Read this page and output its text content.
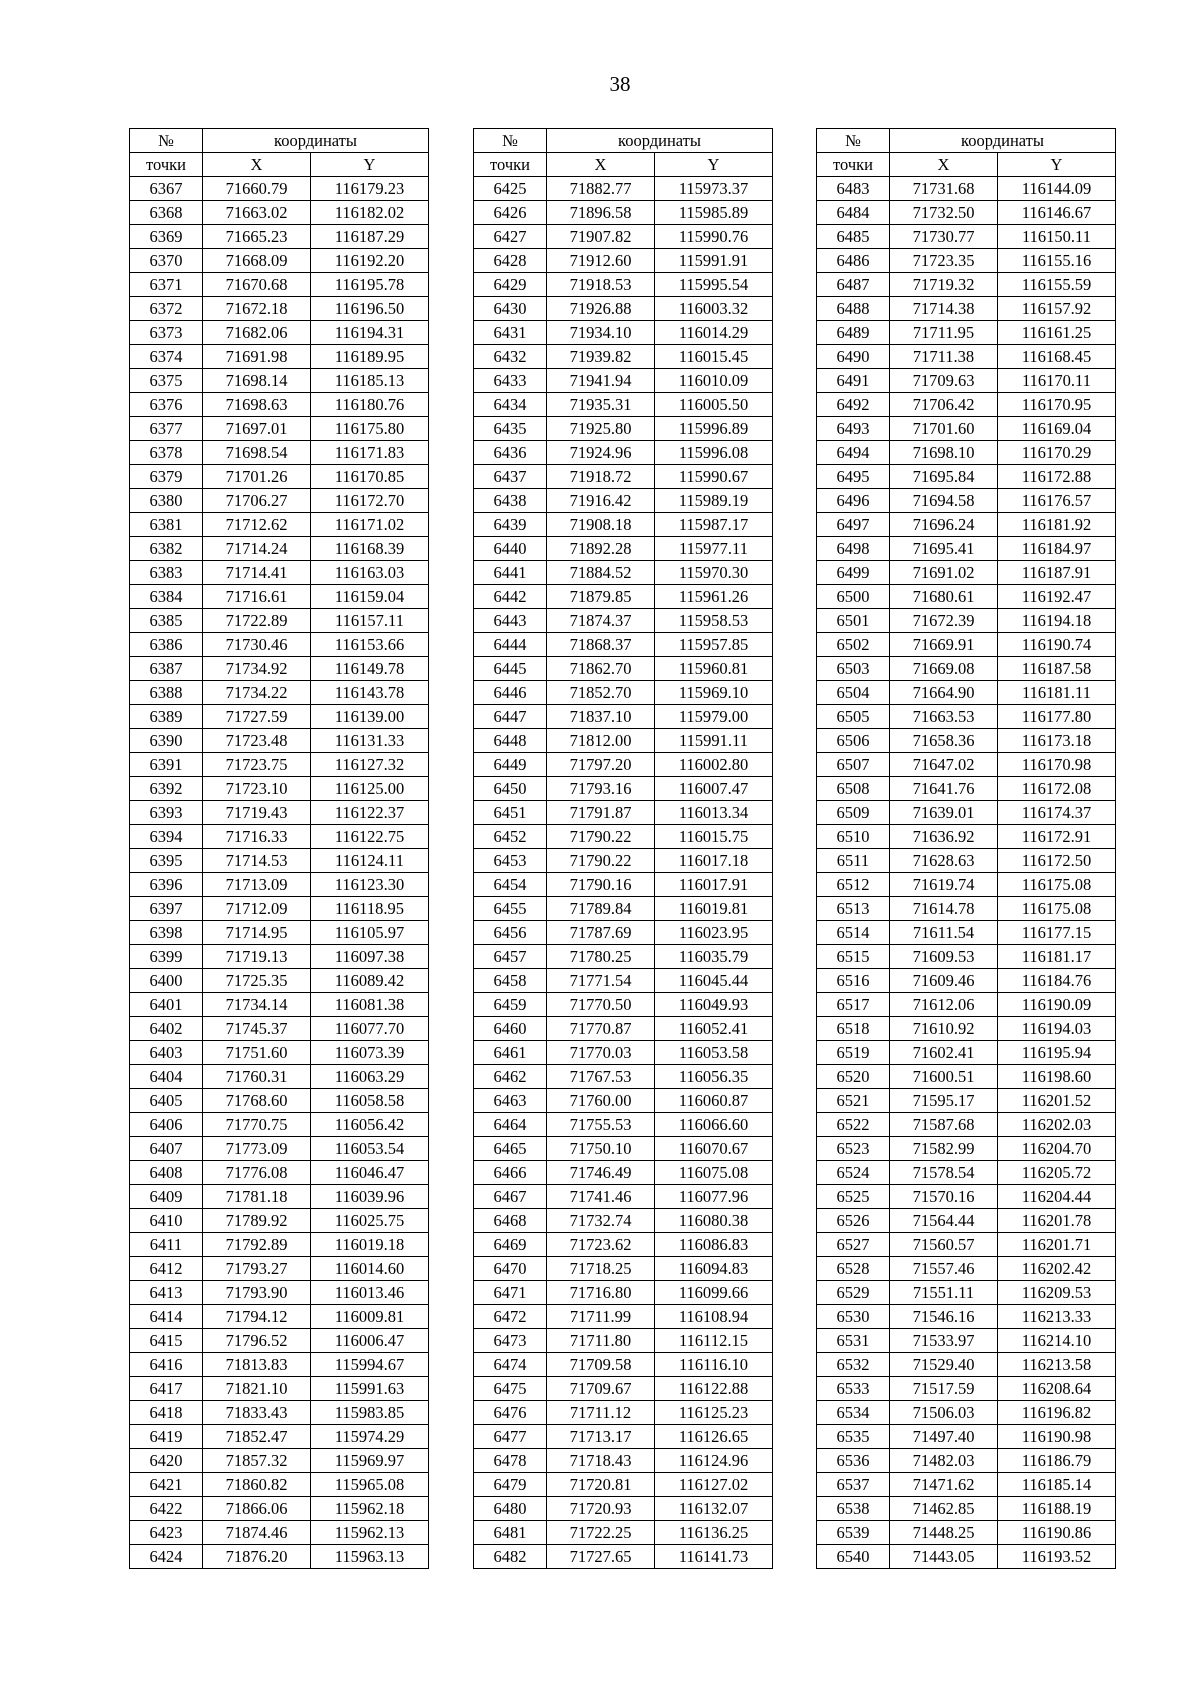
38
№	координаты	
точки	X	Y
6367	71660.79	116179.23
6368	71663.02	116182.02
6369	71665.23	116187.29
6370	71668.09	116192.20
6371	71670.68	116195.78
6372	71672.18	116196.50
6373	71682.06	116194.31
6374	71691.98	116189.95
6375	71698.14	116185.13
6376	71698.63	116180.76
6377	71697.01	116175.80
6378	71698.54	116171.83
6379	71701.26	116170.85
6380	71706.27	116172.70
6381	71712.62	116171.02
6382	71714.24	116168.39
6383	71714.41	116163.03
6384	71716.61	116159.04
6385	71722.89	116157.11
6386	71730.46	116153.66
6387	71734.92	116149.78
6388	71734.22	116143.78
6389	71727.59	116139.00
6390	71723.48	116131.33
6391	71723.75	116127.32
6392	71723.10	116125.00
6393	71719.43	116122.37
6394	71716.33	116122.75
6395	71714.53	116124.11
6396	71713.09	116123.30
6397	71712.09	116118.95
6398	71714.95	116105.97
6399	71719.13	116097.38
6400	71725.35	116089.42
6401	71734.14	116081.38
6402	71745.37	116077.70
6403	71751.60	116073.39
6404	71760.31	116063.29
6405	71768.60	116058.58
6406	71770.75	116056.42
6407	71773.09	116053.54
6408	71776.08	116046.47
6409	71781.18	116039.96
6410	71789.92	116025.75
6411	71792.89	116019.18
6412	71793.27	116014.60
6413	71793.90	116013.46
6414	71794.12	116009.81
6415	71796.52	116006.47
6416	71813.83	115994.67
6417	71821.10	115991.63
6418	71833.43	115983.85
6419	71852.47	115974.29
6420	71857.32	115969.97
6421	71860.82	115965.08
6422	71866.06	115962.18
6423	71874.46	115962.13
6424	71876.20	115963.13
№	координаты	
точки	X	Y
6425	71882.77	115973.37
6426	71896.58	115985.89
6427	71907.82	115990.76
6428	71912.60	115991.91
6429	71918.53	115995.54
6430	71926.88	116003.32
6431	71934.10	116014.29
6432	71939.82	116015.45
6433	71941.94	116010.09
6434	71935.31	116005.50
6435	71925.80	115996.89
6436	71924.96	115996.08
6437	71918.72	115990.67
6438	71916.42	115989.19
6439	71908.18	115987.17
6440	71892.28	115977.11
6441	71884.52	115970.30
6442	71879.85	115961.26
6443	71874.37	115958.53
6444	71868.37	115957.85
6445	71862.70	115960.81
6446	71852.70	115969.10
6447	71837.10	115979.00
6448	71812.00	115991.11
6449	71797.20	116002.80
6450	71793.16	116007.47
6451	71791.87	116013.34
6452	71790.22	116015.75
6453	71790.22	116017.18
6454	71790.16	116017.91
6455	71789.84	116019.81
6456	71787.69	116023.95
6457	71780.25	116035.79
6458	71771.54	116045.44
6459	71770.50	116049.93
6460	71770.87	116052.41
6461	71770.03	116053.58
6462	71767.53	116056.35
6463	71760.00	116060.87
6464	71755.53	116066.60
6465	71750.10	116070.67
6466	71746.49	116075.08
6467	71741.46	116077.96
6468	71732.74	116080.38
6469	71723.62	116086.83
6470	71718.25	116094.83
6471	71716.80	116099.66
6472	71711.99	116108.94
6473	71711.80	116112.15
6474	71709.58	116116.10
6475	71709.67	116122.88
6476	71711.12	116125.23
6477	71713.17	116126.65
6478	71718.43	116124.96
6479	71720.81	116127.02
6480	71720.93	116132.07
6481	71722.25	116136.25
6482	71727.65	116141.73
№	координаты	
точки	X	Y
6483	71731.68	116144.09
6484	71732.50	116146.67
6485	71730.77	116150.11
6486	71723.35	116155.16
6487	71719.32	116155.59
6488	71714.38	116157.92
6489	71711.95	116161.25
6490	71711.38	116168.45
6491	71709.63	116170.11
6492	71706.42	116170.95
6493	71701.60	116169.04
6494	71698.10	116170.29
6495	71695.84	116172.88
6496	71694.58	116176.57
6497	71696.24	116181.92
6498	71695.41	116184.97
6499	71691.02	116187.91
6500	71680.61	116192.47
6501	71672.39	116194.18
6502	71669.91	116190.74
6503	71669.08	116187.58
6504	71664.90	116181.11
6505	71663.53	116177.80
6506	71658.36	116173.18
6507	71647.02	116170.98
6508	71641.76	116172.08
6509	71639.01	116174.37
6510	71636.92	116172.91
6511	71628.63	116172.50
6512	71619.74	116175.08
6513	71614.78	116175.08
6514	71611.54	116177.15
6515	71609.53	116181.17
6516	71609.46	116184.76
6517	71612.06	116190.09
6518	71610.92	116194.03
6519	71602.41	116195.94
6520	71600.51	116198.60
6521	71595.17	116201.52
6522	71587.68	116202.03
6523	71582.99	116204.70
6524	71578.54	116205.72
6525	71570.16	116204.44
6526	71564.44	116201.78
6527	71560.57	116201.71
6528	71557.46	116202.42
6529	71551.11	116209.53
6530	71546.16	116213.33
6531	71533.97	116214.10
6532	71529.40	116213.58
6533	71517.59	116208.64
6534	71506.03	116196.82
6535	71497.40	116190.98
6536	71482.03	116186.79
6537	71471.62	116185.14
6538	71462.85	116188.19
6539	71448.25	116190.86
6540	71443.05	116193.52
